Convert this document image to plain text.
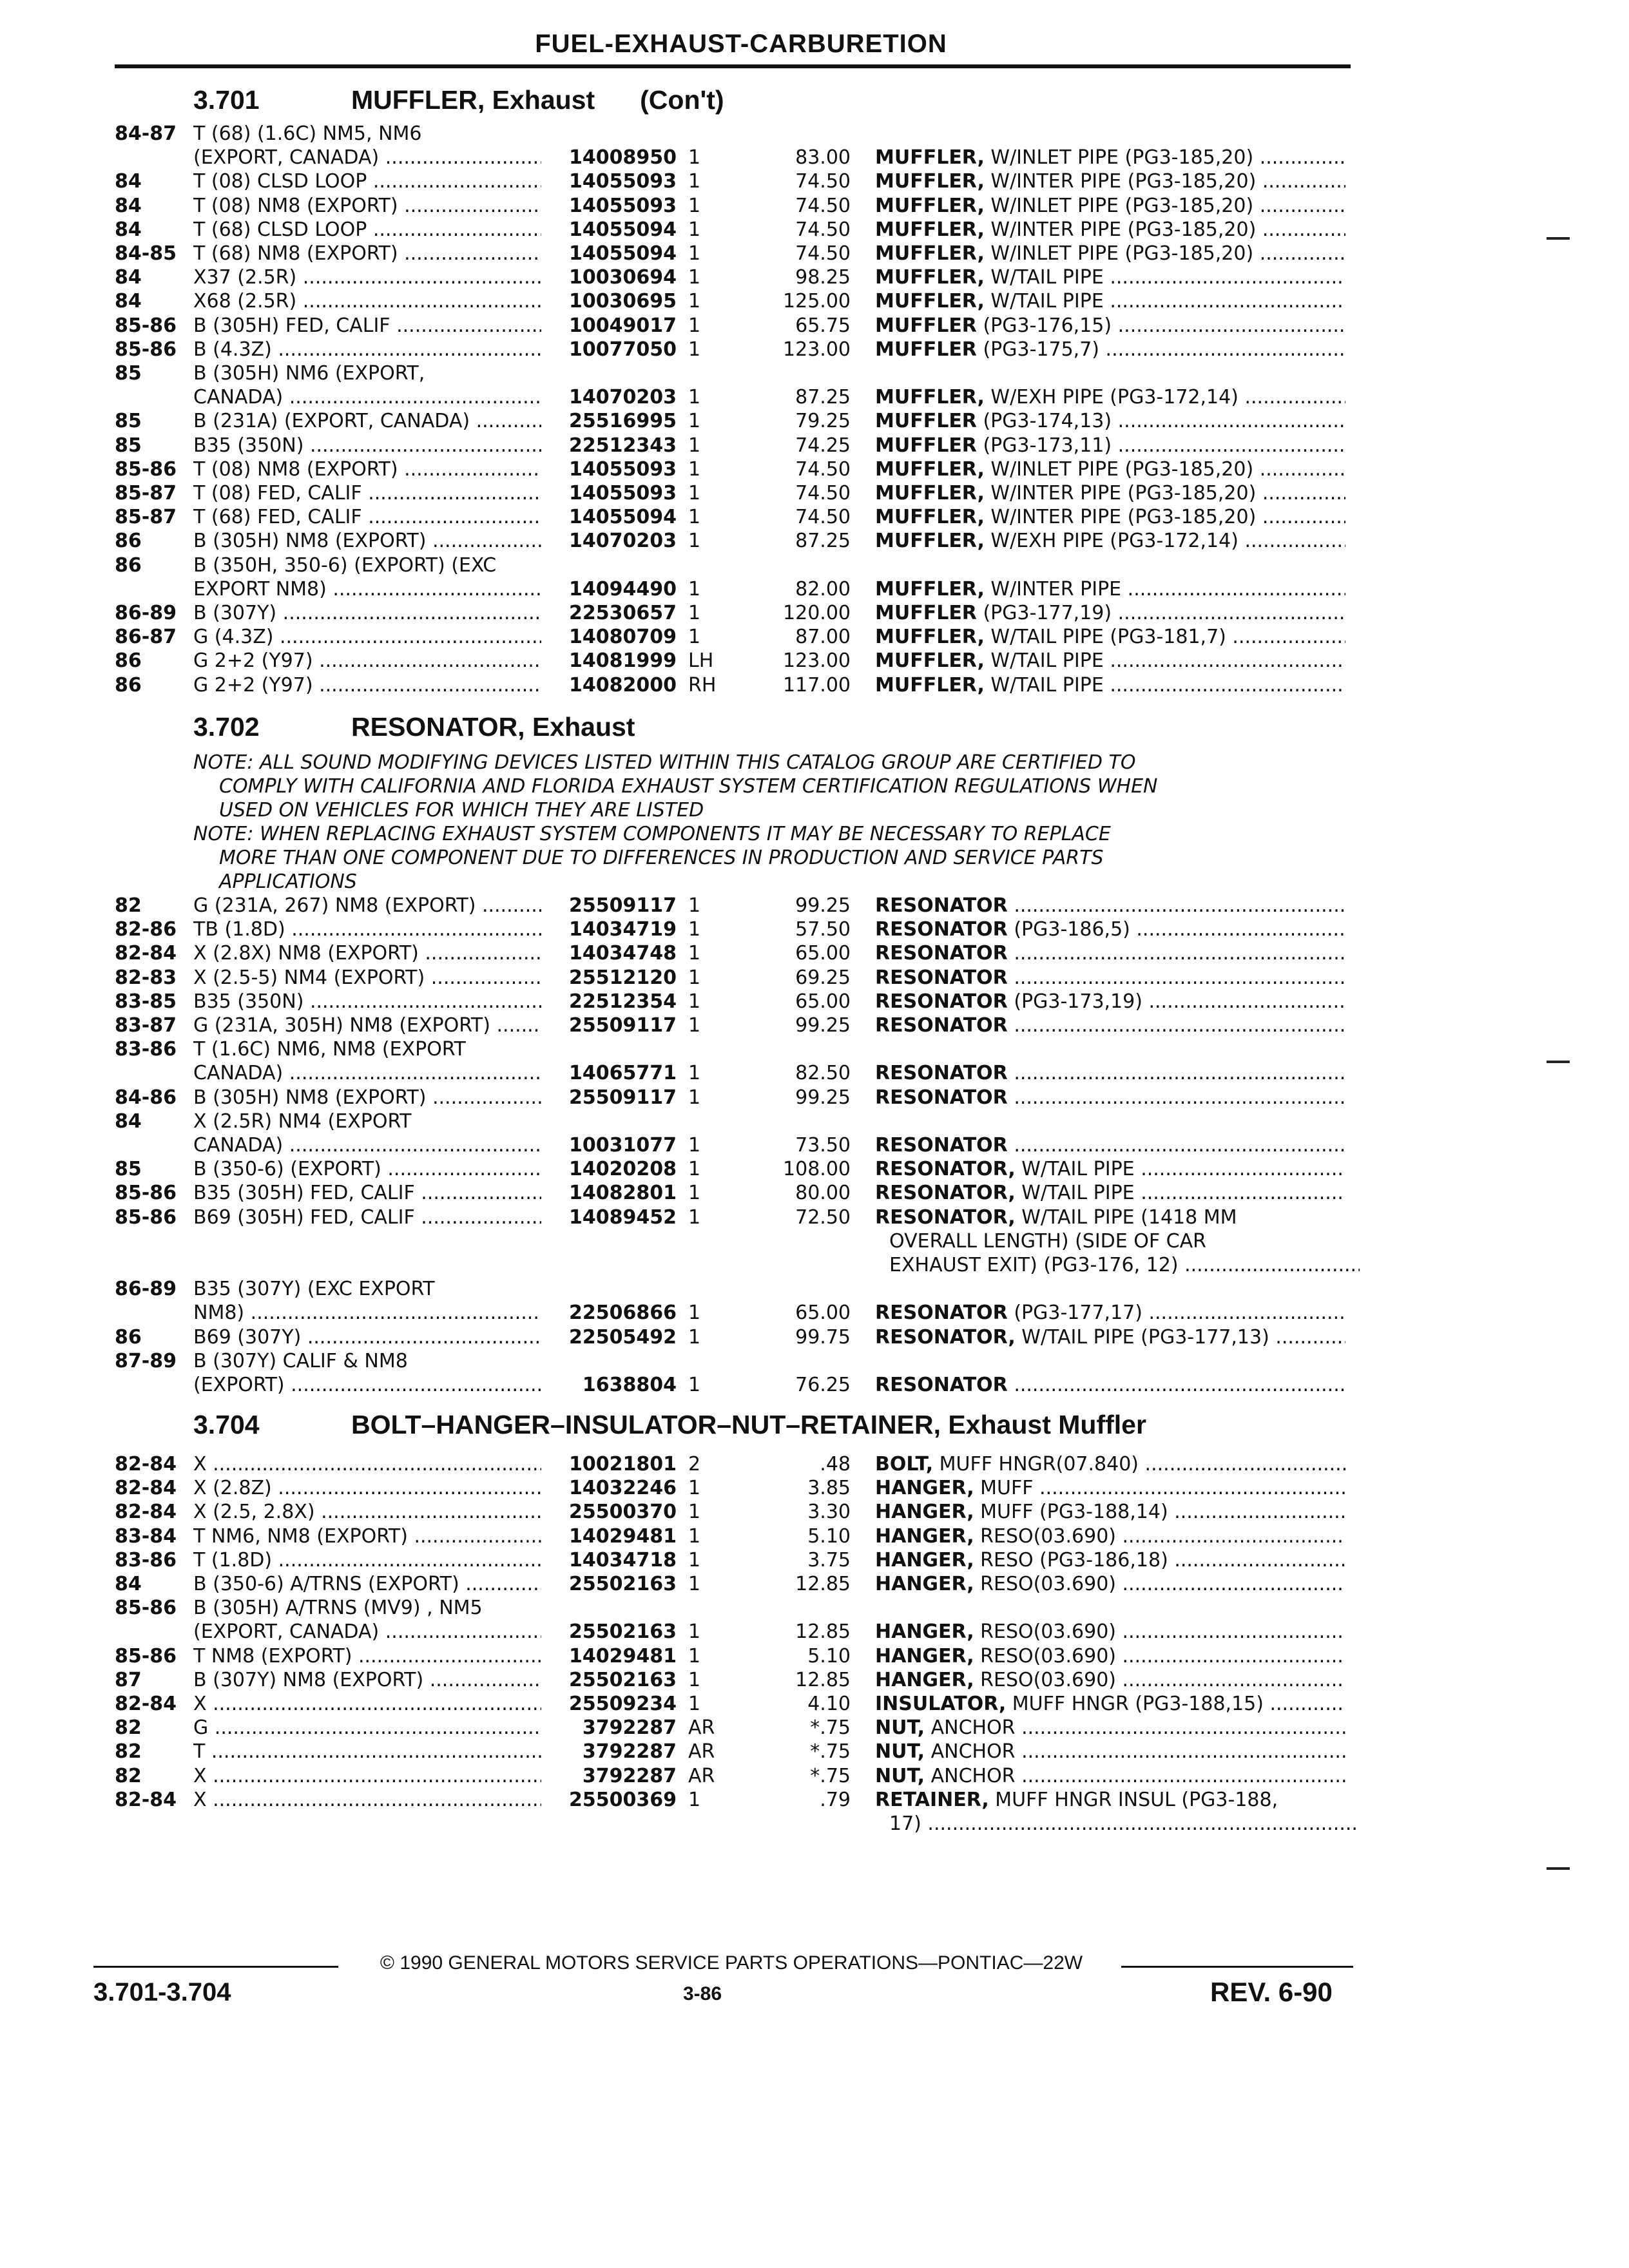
FUEL-EXHAUST-CARBURETION
3.701	MUFFLER, Exhaust (Con't)
84-87 T (68) (1.6C) NM5, NM6
(EXPORT, CANADA) .....	14008950 1	83.00 MUFFLER, W/INLET PIPE (PG3-185,20) .....
84	T (08) CLSD LOOP .....	14055093 1	74.50 MUFFLER, W/INTER PIPE (PG3-185,20) .....
84	T (08) NM8 (EXPORT) .....	14055093 1	74.50 MUFFLER, W/INLET PIPE (PG3-185,20) .....
84	T (68) CLSD LOOP .....	14055094 1	74.50 MUFFLER, W/INTER PIPE (PG3-185,20) .....
84-85 T (68) NM8 (EXPORT) .....	14055094 1	74.50 MUFFLER, W/INLET PIPE (PG3-185,20) .....
84	X37 (2.5R) .....	10030694 1	98.25 MUFFLER, W/TAIL PIPE .....
84	X68 (2.5R) .....	10030695 1	125.00 MUFFLER, W/TAIL PIPE .....
85-86 B (305H) FED, CALIF .....	10049017 1	65.75 MUFFLER (PG3-176,15) .....
85-86 B (4.3Z) .....	10077050 1	123.00 MUFFLER (PG3-175,7) .....
85	B (305H) NM6 (EXPORT,
CANADA) .....	14070203 1	87.25 MUFFLER, W/EXH PIPE (PG3-172,14) .....
85	B (231A) (EXPORT, CANADA) .....	25516995 1	79.25 MUFFLER (PG3-174,13) .....
85	B35 (350N) .....	22512343 1	74.25 MUFFLER (PG3-173,11) .....
85-86 T (08) NM8 (EXPORT) .....	14055093 1	74.50 MUFFLER, W/INLET PIPE (PG3-185,20) .....
85-87 T (08) FED, CALIF .....	14055093 1	74.50 MUFFLER, W/INTER PIPE (PG3-185,20) .....
85-87 T (68) FED, CALIF .....	14055094 1	74.50 MUFFLER, W/INTER PIPE (PG3-185,20) .....
86	B (305H) NM8 (EXPORT) .....	14070203 1	87.25 MUFFLER, W/EXH PIPE (PG3-172,14) .....
86	B (350H, 350-6) (EXPORT) (EXC
EXPORT NM8) .....	14094490 1	82.00 MUFFLER, W/INTER PIPE .....
86-89 B (307Y) .....	22530657 1	120.00 MUFFLER (PG3-177,19) .....
86-87 G (4.3Z) .....	14080709 1	87.00 MUFFLER, W/TAIL PIPE (PG3-181,7) .....
86	G 2+2 (Y97) .....	14081999 LH	123.00 MUFFLER, W/TAIL PIPE .....
86	G 2+2 (Y97) .....	14082000 RH	117.00 MUFFLER, W/TAIL PIPE .....
3.702	RESONATOR, Exhaust
NOTE: ALL SOUND MODIFYING DEVICES LISTED WITHIN THIS CATALOG GROUP ARE CERTIFIED TO
COMPLY WITH CALIFORNIA AND FLORIDA EXHAUST SYSTEM CERTIFICATION REGULATIONS WHEN
USED ON VEHICLES FOR WHICH THEY ARE LISTED
NOTE: WHEN REPLACING EXHAUST SYSTEM COMPONENTS IT MAY BE NECESSARY TO REPLACE
MORE THAN ONE COMPONENT DUE TO DIFFERENCES IN PRODUCTION AND SERVICE PARTS
APPLICATIONS
82	G (231A, 267) NM8 (EXPORT) .....	25509117 1	99.25 RESONATOR .....
82-86 TB (1.8D) .....	14034719 1	57.50 RESONATOR (PG3-186,5) .....
82-84 X (2.8X) NM8 (EXPORT) .....	14034748 1	65.00 RESONATOR .....
82-83 X (2.5-5) NM4 (EXPORT) .....	25512120 1	69.25 RESONATOR .....
83-85 B35 (350N) .....	22512354 1	65.00 RESONATOR (PG3-173,19) .....
83-87 G (231A, 305H) NM8 (EXPORT) .....	25509117 1	99.25 RESONATOR .....
83-86 T (1.6C) NM6, NM8 (EXPORT
CANADA) .....	14065771 1	82.50 RESONATOR .....
84-86 B (305H) NM8 (EXPORT) .....	25509117 1	99.25 RESONATOR .....
84	X (2.5R) NM4 (EXPORT
CANADA) .....	10031077 1	73.50 RESONATOR .....
85	B (350-6) (EXPORT) .....	14020208 1	108.00 RESONATOR, W/TAIL PIPE .....
85-86 B35 (305H) FED, CALIF .....	14082801 1	80.00 RESONATOR, W/TAIL PIPE .....
85-86 B69 (305H) FED, CALIF .....	14089452 1	72.50 RESONATOR, W/TAIL PIPE (1418 MM
OVERALL LENGTH) (SIDE OF CAR
EXHAUST EXIT) (PG3-176, 12) .....
86-89 B35 (307Y) (EXC EXPORT
NM8) .....	22506866 1	65.00 RESONATOR (PG3-177,17) .....
86	B69 (307Y) .....	22505492 1	99.75 RESONATOR, W/TAIL PIPE (PG3-177,13) .....
87-89 B (307Y) CALIF & NM8
(EXPORT) .....	1638804 1	76.25 RESONATOR .....
3.704	BOLT–HANGER–INSULATOR–NUT–RETAINER, Exhaust Muffler
82-84 X .....	10021801 2	.48 BOLT, MUFF HNGR(07.840) .....
82-84 X (2.8Z) .....	14032246 1	3.85 HANGER, MUFF .....
82-84 X (2.5, 2.8X) .....	25500370 1	3.30 HANGER, MUFF (PG3-188,14) .....
83-84 T NM6, NM8 (EXPORT) .....	14029481 1	5.10 HANGER, RESO(03.690) .....
83-86 T (1.8D) .....	14034718 1	3.75 HANGER, RESO (PG3-186,18) .....
84	B (350-6) A/TRNS (EXPORT) .....	25502163 1	12.85 HANGER, RESO(03.690) .....
85-86 B (305H) A/TRNS (MV9) , NM5
(EXPORT, CANADA) .....	25502163 1	12.85 HANGER, RESO(03.690) .....
85-86 T NM8 (EXPORT) .....	14029481 1	5.10 HANGER, RESO(03.690) .....
87	B (307Y) NM8 (EXPORT) .....	25502163 1	12.85 HANGER, RESO(03.690) .....
82-84 X .....	25509234 1	4.10 INSULATOR, MUFF HNGR (PG3-188,15) .....
82	G .....	3792287 AR	*.75 NUT, ANCHOR .....
82	T .....	3792287 AR	*.75 NUT, ANCHOR .....
82	X .....	3792287 AR	*.75 NUT, ANCHOR .....
82-84 X .....	25500369 1	.79 RETAINER, MUFF HNGR INSUL (PG3-188,
17) .....
© 1990 GENERAL MOTORS SERVICE PARTS OPERATIONS—PONTIAC—22W
3.701-3.704	3-86	REV. 6-90
